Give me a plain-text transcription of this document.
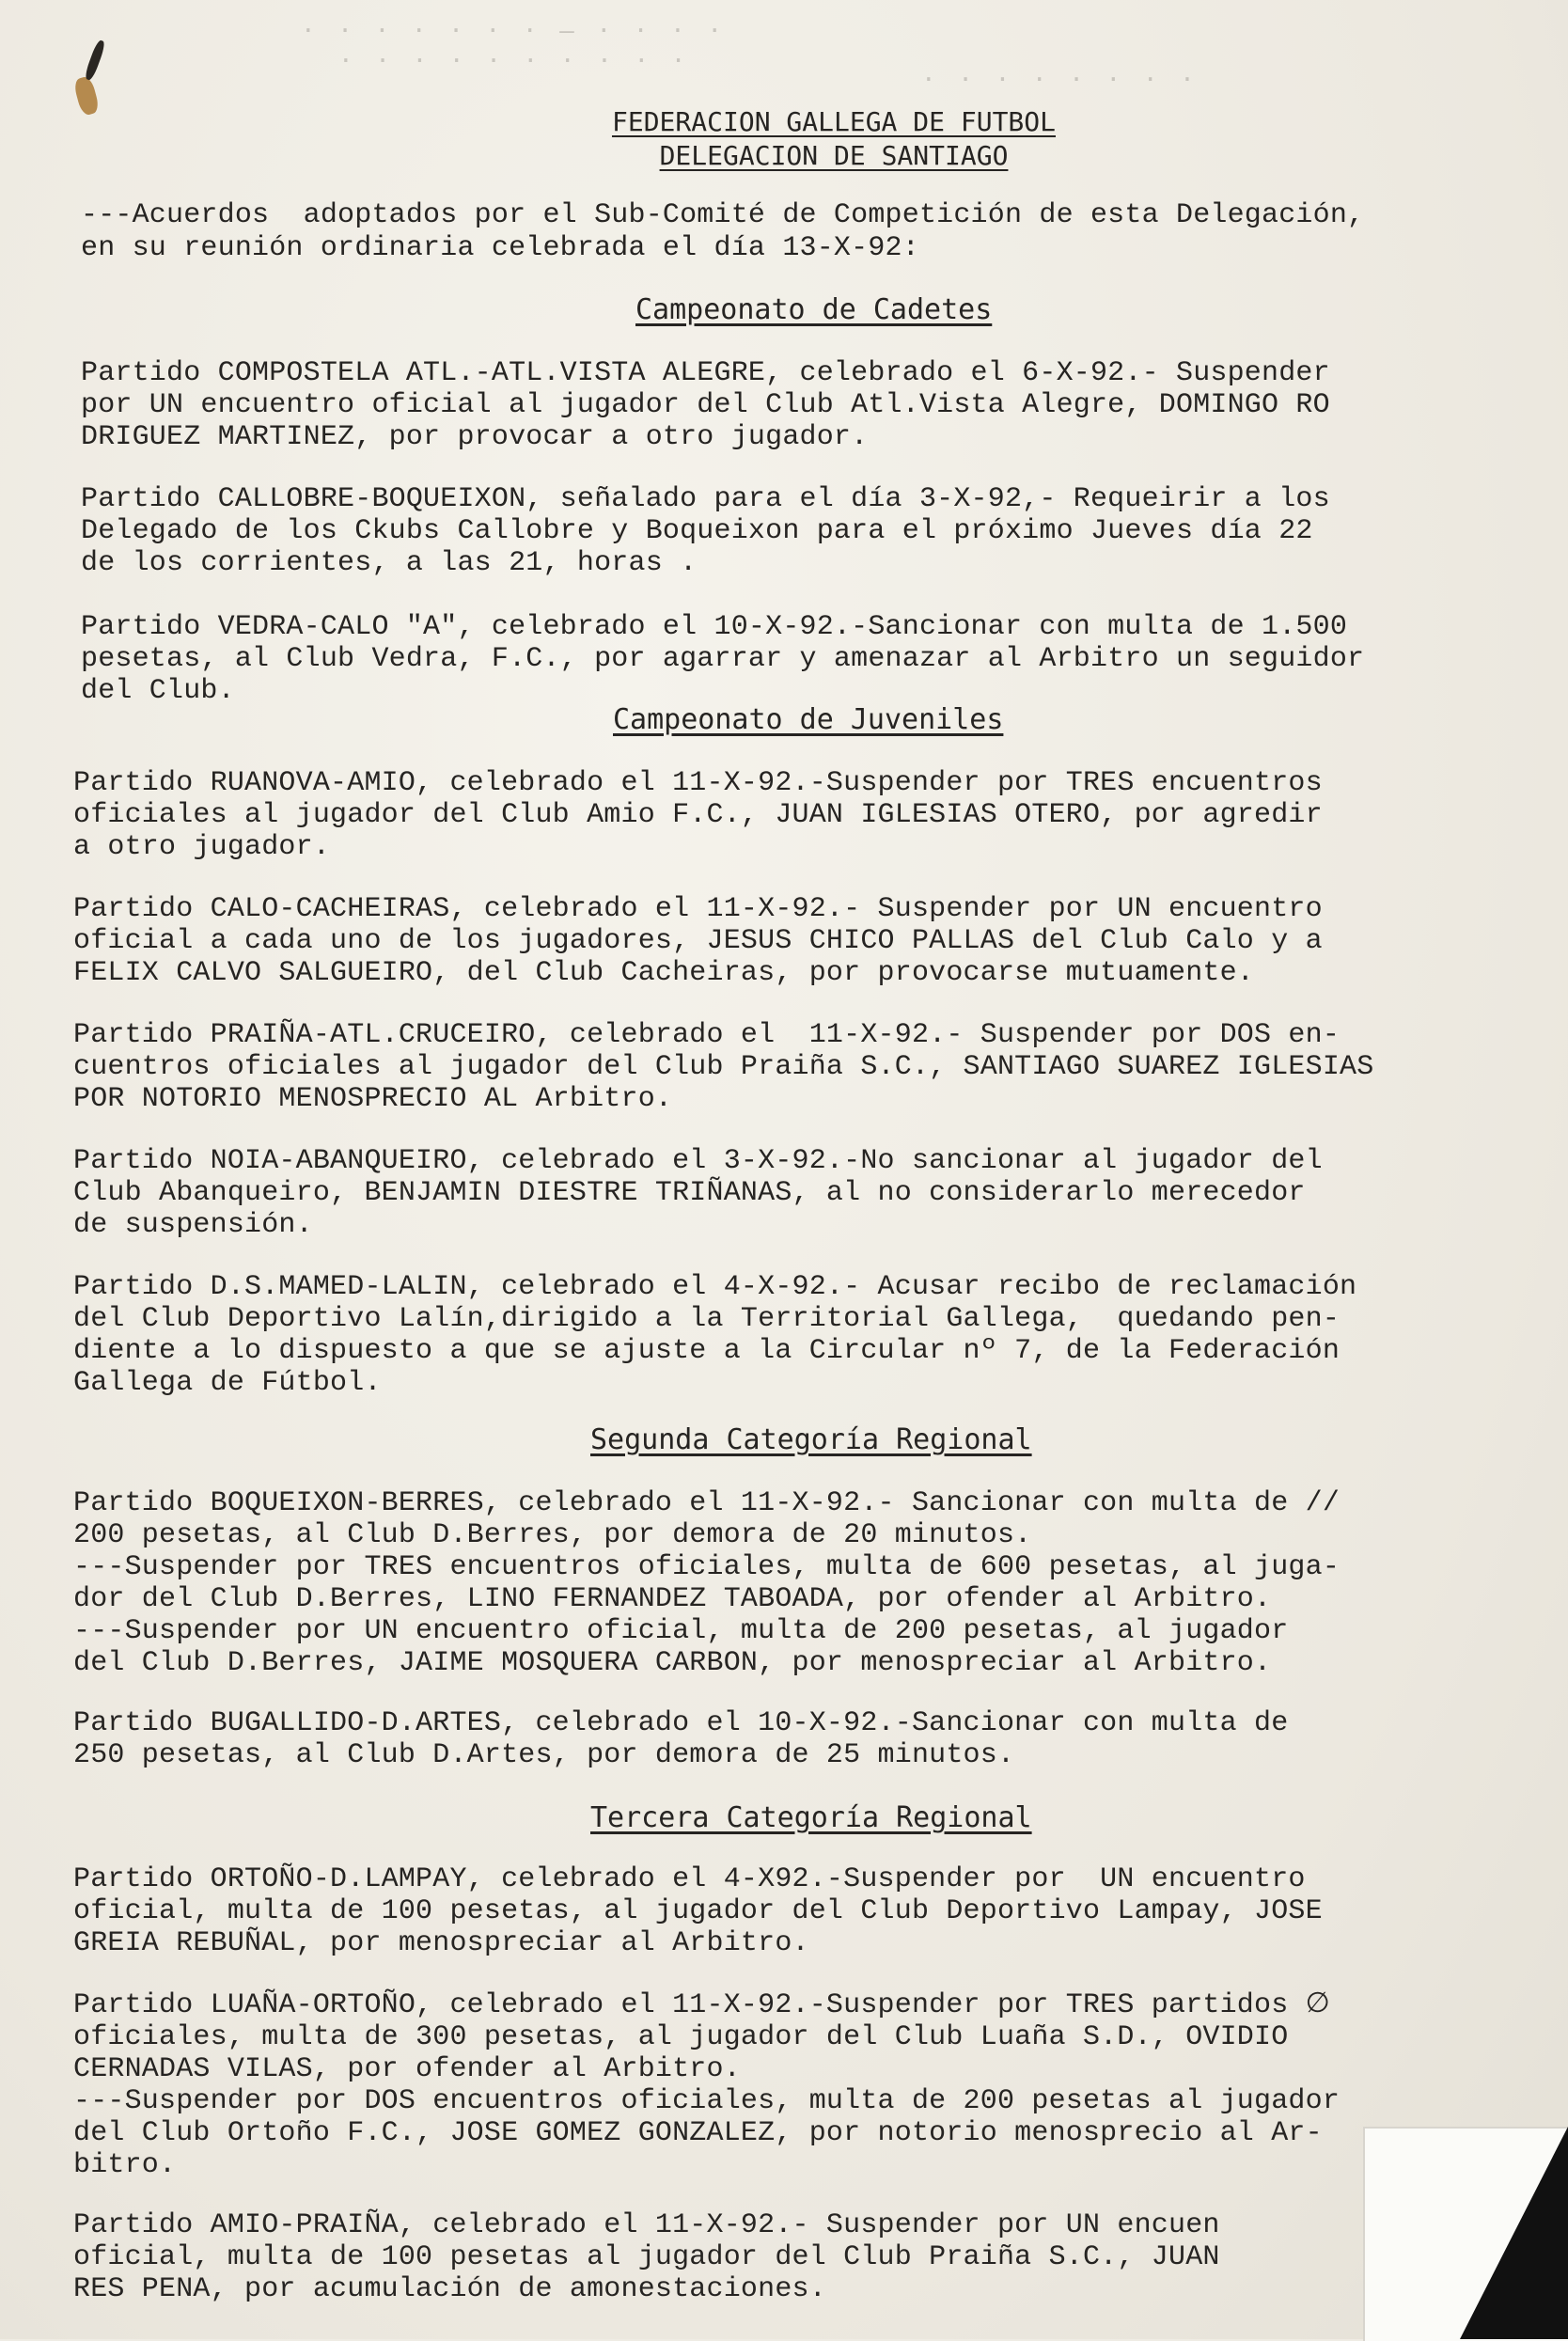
· · · · · · · — · · · ·
· · · · · · · · · ·
· · · · · · · ·
FEDERACION GALLEGA DE FUTBOL
DELEGACION DE SANTIAGO
---Acuerdos  adoptados por el Sub-Comité de Competición de esta Delegación,
en su reunión ordinaria celebrada el día 13-X-92:
Campeonato de Cadetes
Partido COMPOSTELA ATL.-ATL.VISTA ALEGRE, celebrado el 6-X-92.- Suspender
por UN encuentro oficial al jugador del Club Atl.Vista Alegre, DOMINGO RO
DRIGUEZ MARTINEZ, por provocar a otro jugador.
Partido CALLOBRE-BOQUEIXON, señalado para el día 3-X-92,- Requeirir a los
Delegado de los Ckubs Callobre y Boqueixon para el próximo Jueves día 22
de los corrientes, a las 21, horas .
Partido VEDRA-CALO "A", celebrado el 10-X-92.-Sancionar con multa de 1.500
pesetas, al Club Vedra, F.C., por agarrar y amenazar al Arbitro un seguidor
del Club.
Campeonato de Juveniles
Partido RUANOVA-AMIO, celebrado el 11-X-92.-Suspender por TRES encuentros
oficiales al jugador del Club Amio F.C., JUAN IGLESIAS OTERO, por agredir
a otro jugador.
Partido CALO-CACHEIRAS, celebrado el 11-X-92.- Suspender por UN encuentro
oficial a cada uno de los jugadores, JESUS CHICO PALLAS del Club Calo y a
FELIX CALVO SALGUEIRO, del Club Cacheiras, por provocarse mutuamente.
Partido PRAIÑA-ATL.CRUCEIRO, celebrado el  11-X-92.- Suspender por DOS en-
cuentros oficiales al jugador del Club Praiña S.C., SANTIAGO SUAREZ IGLESIAS
POR NOTORIO MENOSPRECIO AL Arbitro.
Partido NOIA-ABANQUEIRO, celebrado el 3-X-92.-No sancionar al jugador del
Club Abanqueiro, BENJAMIN DIESTRE TRIÑANAS, al no considerarlo merecedor
de suspensión.
Partido D.S.MAMED-LALIN, celebrado el 4-X-92.- Acusar recibo de reclamación
del Club Deportivo Lalín,dirigido a la Territorial Gallega,  quedando pen-
diente a lo dispuesto a que se ajuste a la Circular nº 7, de la Federación
Gallega de Fútbol.
Segunda Categoría Regional
Partido BOQUEIXON-BERRES, celebrado el 11-X-92.- Sancionar con multa de //
200 pesetas, al Club D.Berres, por demora de 20 minutos.
---Suspender por TRES encuentros oficiales, multa de 600 pesetas, al juga-
dor del Club D.Berres, LINO FERNANDEZ TABOADA, por ofender al Arbitro.
---Suspender por UN encuentro oficial, multa de 200 pesetas, al jugador
del Club D.Berres, JAIME MOSQUERA CARBON, por menospreciar al Arbitro.
Partido BUGALLIDO-D.ARTES, celebrado el 10-X-92.-Sancionar con multa de
250 pesetas, al Club D.Artes, por demora de 25 minutos.
Tercera Categoría Regional
Partido ORTOÑO-D.LAMPAY, celebrado el 4-X92.-Suspender por  UN encuentro
oficial, multa de 100 pesetas, al jugador del Club Deportivo Lampay, JOSE
GREIA REBUÑAL, por menospreciar al Arbitro.
Partido LUAÑA-ORTOÑO, celebrado el 11-X-92.-Suspender por TRES partidos ∅
oficiales, multa de 300 pesetas, al jugador del Club Luaña S.D., OVIDIO
CERNADAS VILAS, por ofender al Arbitro.
---Suspender por DOS encuentros oficiales, multa de 200 pesetas al jugador
del Club Ortoño F.C., JOSE GOMEZ GONZALEZ, por notorio menosprecio al Ar-
bitro.
Partido AMIO-PRAIÑA, celebrado el 11-X-92.- Suspender por UN encuen
oficial, multa de 100 pesetas al jugador del Club Praiña S.C., JUAN
RES PENA, por acumulación de amonestaciones.
